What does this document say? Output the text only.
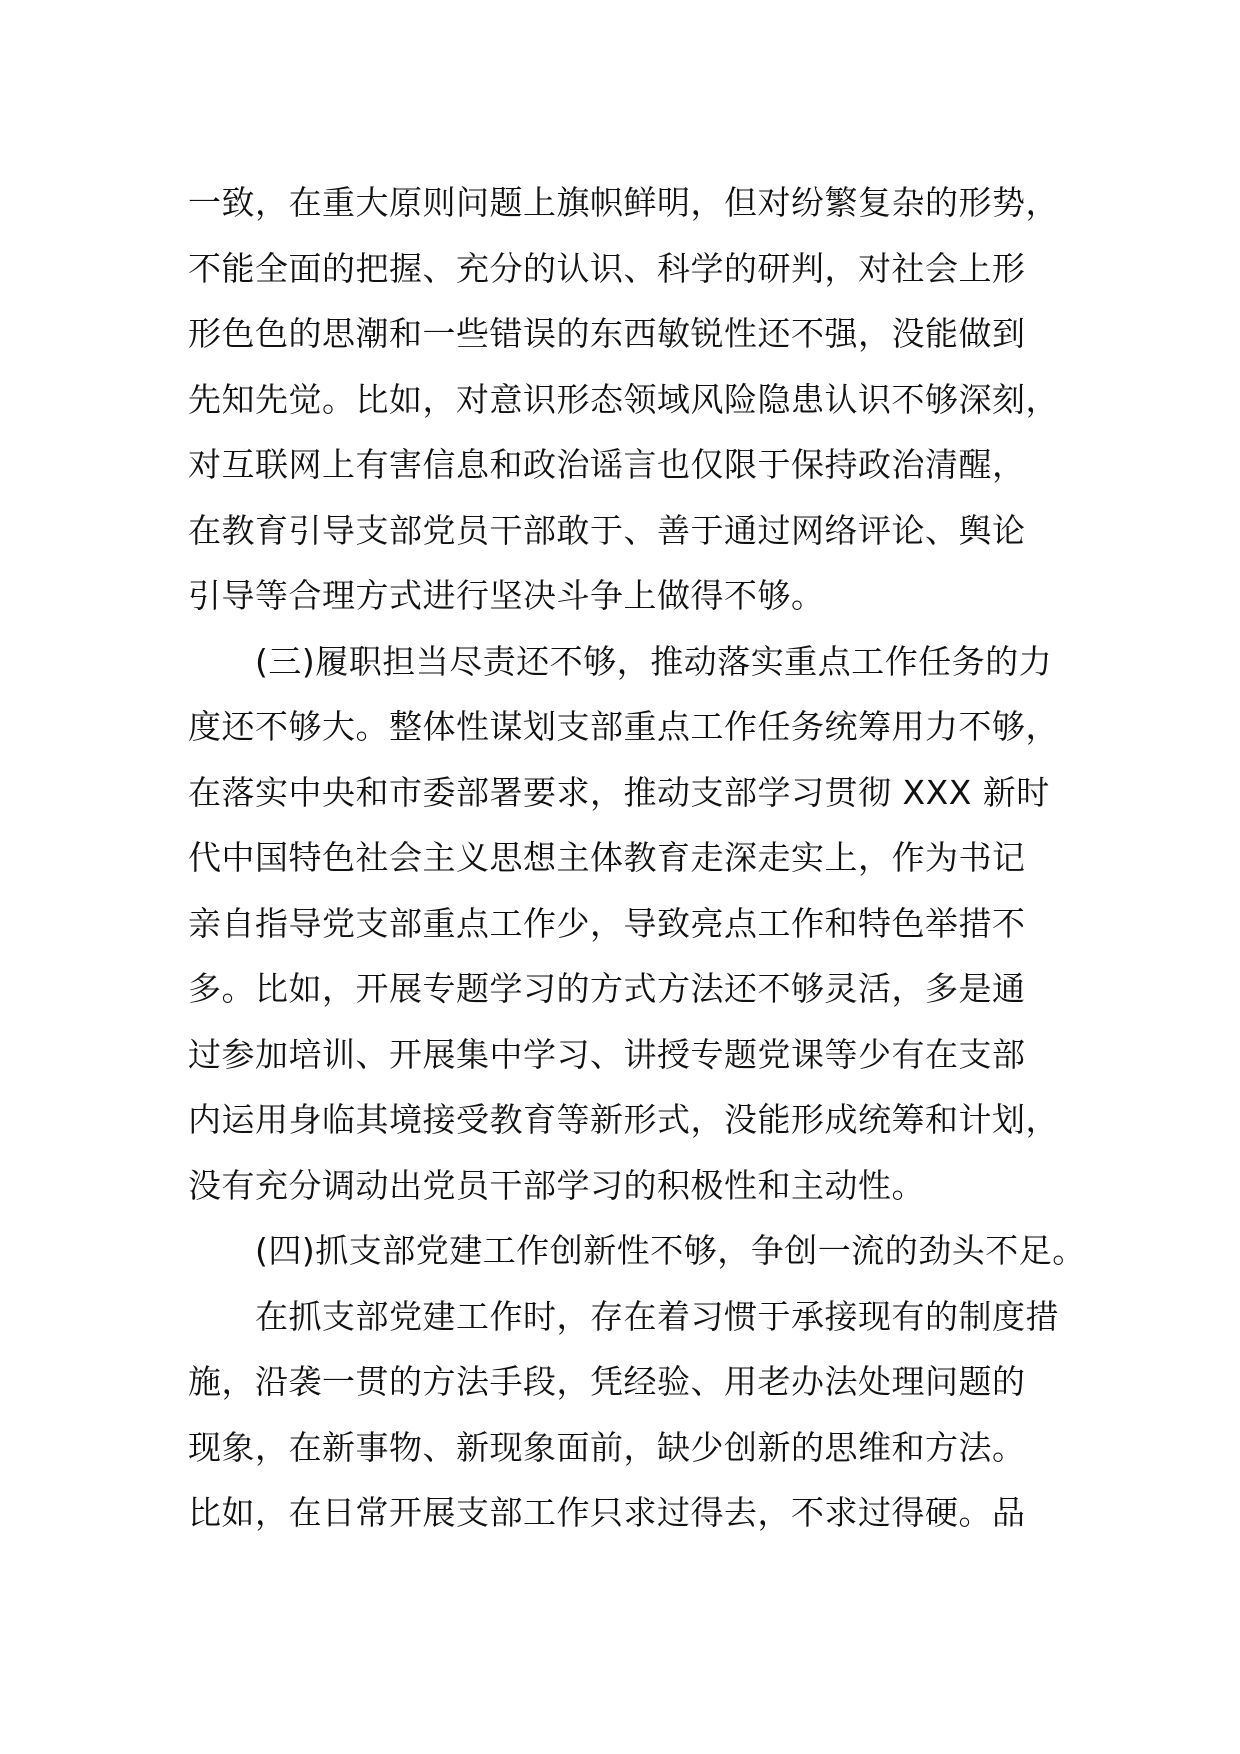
一致，在重大原则问题上旗帜鲜明，但对纷繁复杂的形势，
不能全面的把握、充分的认识、科学的研判，对社会上形
形色色的思潮和一些错误的东西敏锐性还不强，没能做到
先知先觉。比如，对意识形态领域风险隐患认识不够深刻，
对互联网上有害信息和政治谣言也仅限于保持政治清醒，
在教育引导支部党员干部敢于、善于通过网络评论、舆论
引导等合理方式进行坚决斗争上做得不够。
　　(三)履职担当尽责还不够，推动落实重点工作任务的力
度还不够大。整体性谋划支部重点工作任务统筹用力不够，
在落实中央和市委部署要求，推动支部学习贯彻 XXX 新时
代中国特色社会主义思想主体教育走深走实上，作为书记
亲自指导党支部重点工作少，导致亮点工作和特色举措不
多。比如，开展专题学习的方式方法还不够灵活，多是通
过参加培训、开展集中学习、讲授专题党课等少有在支部
内运用身临其境接受教育等新形式，没能形成统筹和计划，
没有充分调动出党员干部学习的积极性和主动性。
　　(四)抓支部党建工作创新性不够，争创一流的劲头不足。
　　在抓支部党建工作时，存在着习惯于承接现有的制度措
施，沿袭一贯的方法手段，凭经验、用老办法处理问题的
现象，在新事物、新现象面前，缺少创新的思维和方法。
比如，在日常开展支部工作只求过得去，不求过得硬。品
